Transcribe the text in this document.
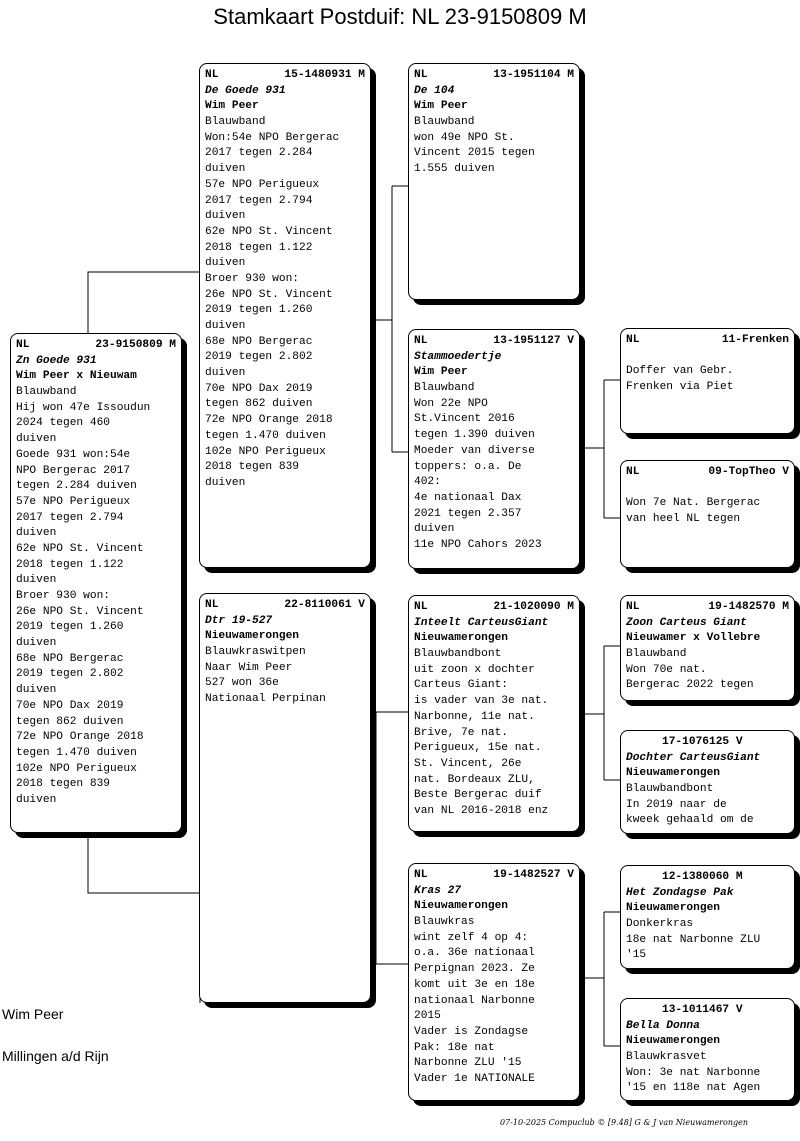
Stamkaart Postduif: NL 23-9150809 M
NL	23-9150809 M
Zn Goede 931
Wim Peer x Nieuwam
Blauwband
Hij won 47e Issoudun
2024 tegen 460
duiven
Goede 931 won:54e
NPO Bergerac 2017
tegen 2.284 duiven
57e NPO Perigueux
2017 tegen 2.794
duiven
62e NPO St. Vincent
2018 tegen 1.122
duiven
Broer 930 won:
26e NPO St. Vincent
2019 tegen 1.260
duiven
68e NPO Bergerac
2019 tegen 2.802
duiven
70e NPO Dax 2019
tegen 862 duiven
72e NPO Orange 2018
tegen 1.470 duiven
102e NPO Perigueux
2018 tegen 839
duiven
NL	15-1480931 M
De Goede 931
Wim Peer
Blauwband
Won:54e NPO Bergerac
2017 tegen 2.284
duiven
57e NPO Perigueux
2017 tegen 2.794
duiven
62e NPO St. Vincent
2018 tegen 1.122
duiven
Broer 930 won:
26e NPO St. Vincent
2019 tegen 1.260
duiven
68e NPO Bergerac
2019 tegen 2.802
duiven
70e NPO Dax 2019
tegen 862 duiven
72e NPO Orange 2018
tegen 1.470 duiven
102e NPO Perigueux
2018 tegen 839
duiven
NL	22-8110061 V
Dtr 19-527
Nieuwamerongen
Blauwkraswitpen
Naar Wim Peer
527 won 36e
Nationaal Perpinan
NL	13-1951104 M
De 104
Wim Peer
Blauwband
won 49e NPO St.
Vincent 2015 tegen
1.555 duiven
NL	13-1951127 V
Stammoedertje
Wim Peer
Blauwband
Won 22e NPO
St.Vincent 2016
tegen 1.390 duiven
Moeder van diverse
toppers: o.a. De
402:
4e nationaal Dax
2021 tegen 2.357
duiven
11e NPO Cahors 2023
NL	21-1020090 M
Inteelt CarteusGiant
Nieuwamerongen
Blauwbandbont
uit zoon x dochter
Carteus Giant:
is vader van 3e nat.
Narbonne, 11e nat.
Brive, 7e nat.
Perigueux, 15e nat.
St. Vincent, 26e
nat. Bordeaux ZLU,
Beste Bergerac duif
van NL 2016-2018 enz
NL	19-1482527 V
Kras 27
Nieuwamerongen
Blauwkras
wint zelf 4 op 4:
o.a. 36e nationaal
Perpignan 2023. Ze
komt uit 3e en 18e
nationaal Narbonne
2015
Vader is Zondagse
Pak: 18e nat
Narbonne ZLU '15
Vader 1e NATIONALE
NL	11-Frenken
Doffer van Gebr.
Frenken via Piet
NL	09-TopTheo V
Won 7e Nat. Bergerac
van heel NL tegen
NL	19-1482570 M
Zoon Carteus Giant
Nieuwamer x Vollebre
Blauwband
Won 70e nat.
Bergerac 2022 tegen
17-1076125 V
Dochter CarteusGiant
Nieuwamerongen
Blauwbandbont
In 2019 naar de
kweek gehaald om de
12-1380060 M
Het Zondagse Pak
Nieuwamerongen
Donkerkras
18e nat Narbonne ZLU
'15
13-1011467 V
Bella Donna
Nieuwamerongen
Blauwkrasvet
Won: 3e nat Narbonne
'15 en 118e nat Agen
Wim Peer
Millingen a/d Rijn
07-10-2025 Compuclub © [9.48] G & J van Nieuwamerongen
